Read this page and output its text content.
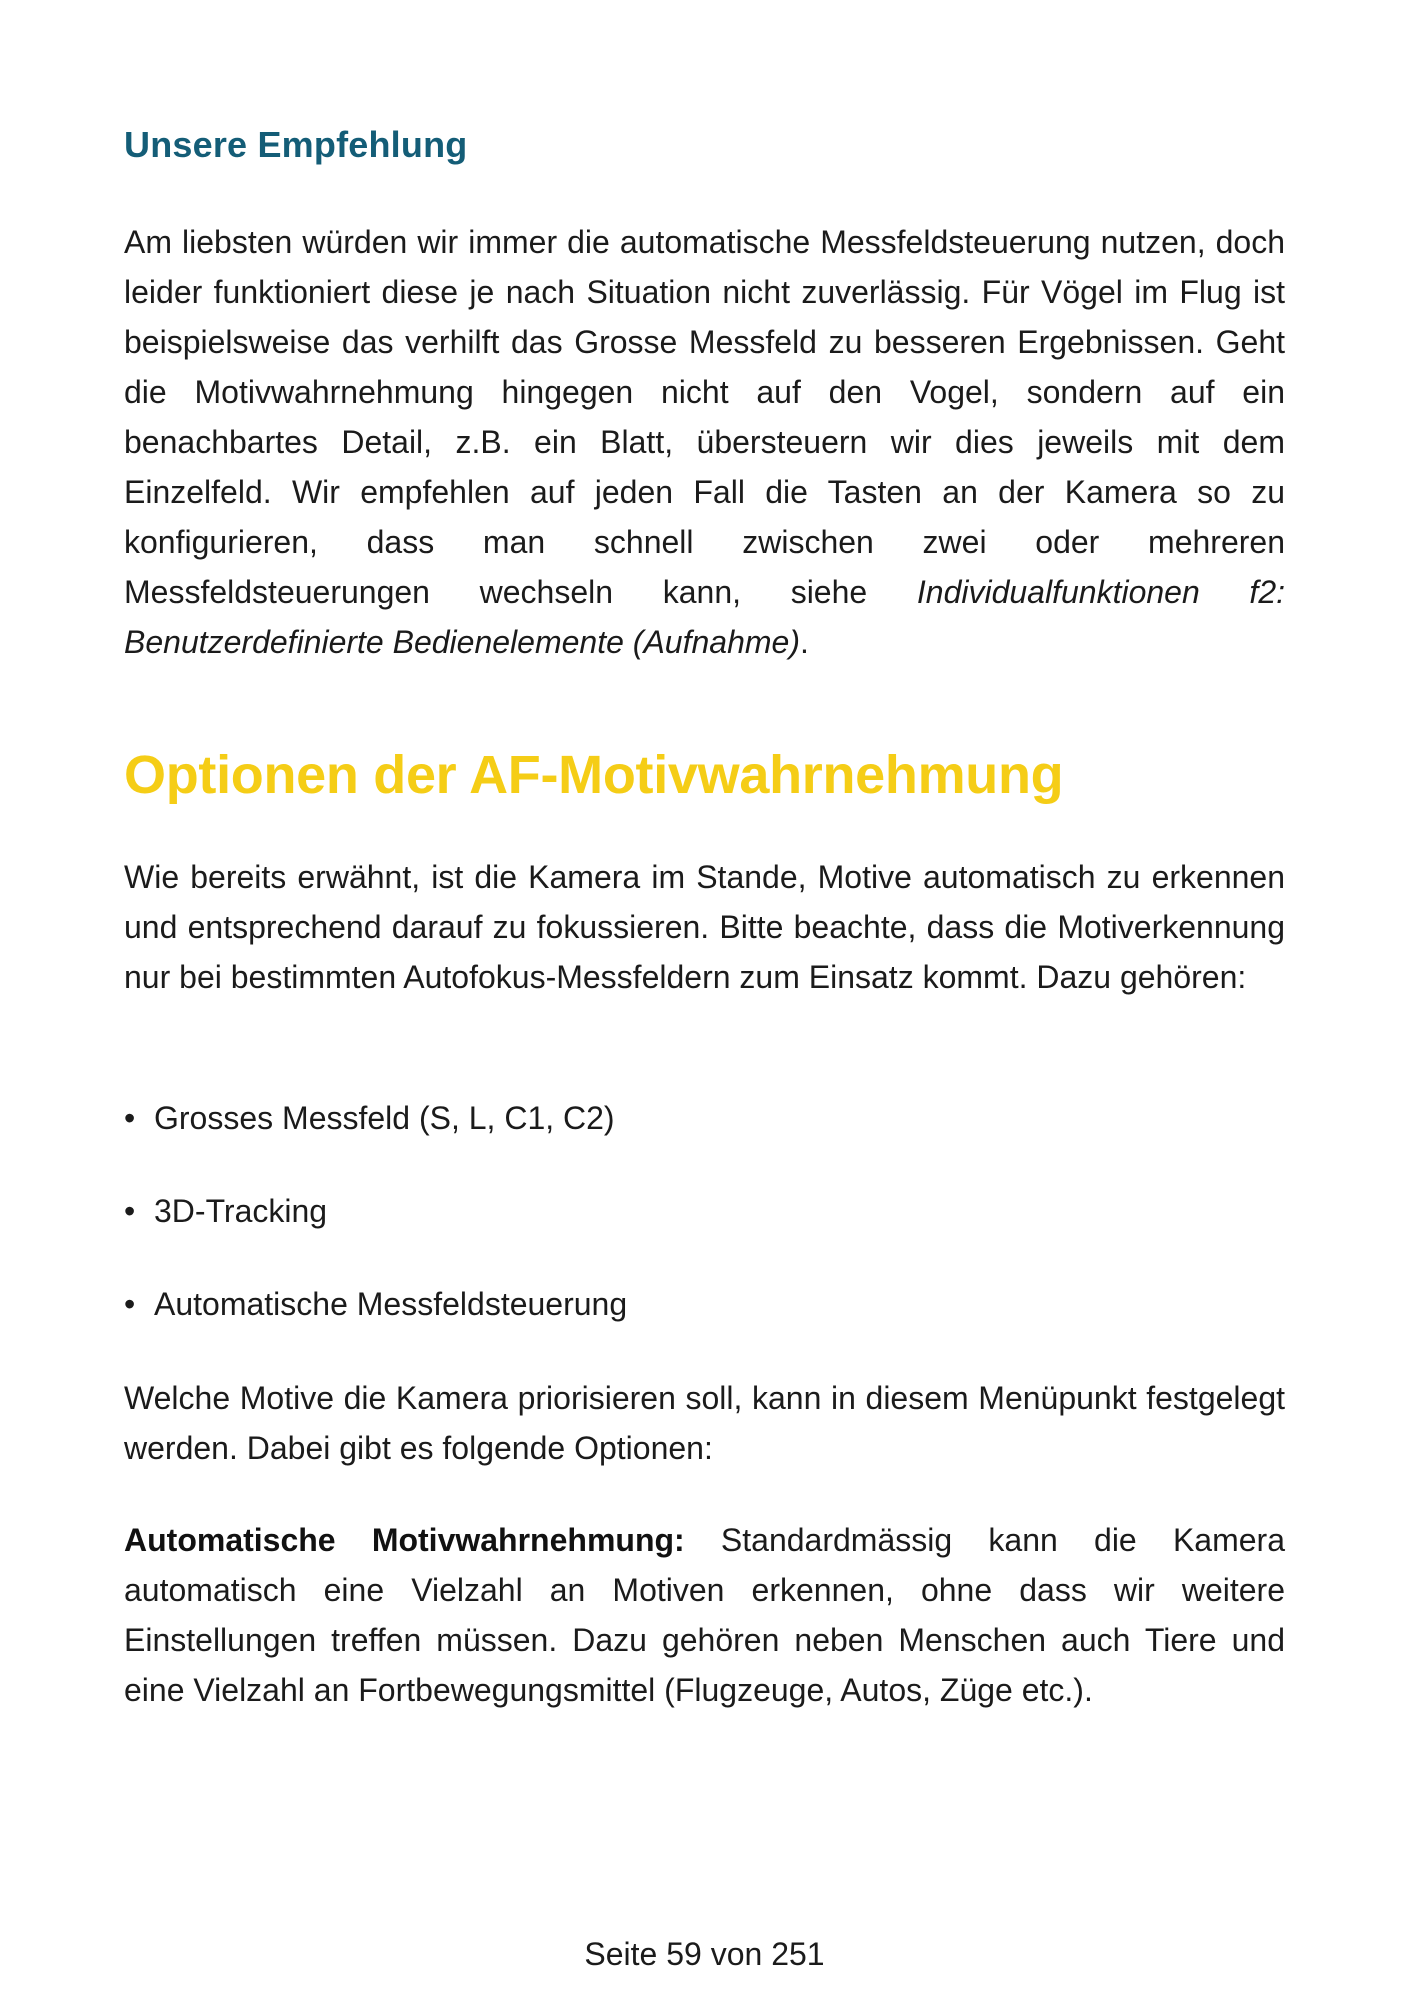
Unsere Empfehlung

Am liebsten würden wir immer die automatische Messfeldsteuerung nutzen, doch leider funktioniert diese je nach Situation nicht zuverlässig. Für Vögel im Flug ist beispielsweise das verhilft das Grosse Messfeld zu besseren Ergebnissen. Geht die Motivwahrnehmung hingegen nicht auf den Vogel, sondern auf ein benachbartes Detail, z.B. ein Blatt, übersteuern wir dies jeweils mit dem Einzelfeld. Wir empfehlen auf jeden Fall die Tasten an der Kamera so zu konfigurieren, dass man schnell zwischen zwei oder mehreren Messfeldsteuerungen wechseln kann, siehe Individualfunktionen f2: Benutzerdefinierte Bedienelemente (Aufnahme).

Optionen der AF-Motivwahrnehmung

Wie bereits erwähnt, ist die Kamera im Stande, Motive automatisch zu erkennen und entsprechend darauf zu fokussieren. Bitte beachte, dass die Motiverkennung nur bei bestimmten Autofokus-Messfeldern zum Einsatz kommt. Dazu gehören:

• Grosses Messfeld (S, L, C1, C2)
• 3D-Tracking
• Automatische Messfeldsteuerung

Welche Motive die Kamera priorisieren soll, kann in diesem Menüpunkt festgelegt werden. Dabei gibt es folgende Optionen:

Automatische Motivwahrnehmung: Standardmässig kann die Kamera automatisch eine Vielzahl an Motiven erkennen, ohne dass wir weitere Einstellungen treffen müssen. Dazu gehören neben Menschen auch Tiere und eine Vielzahl an Fortbewegungsmittel (Flugzeuge, Autos, Züge etc.).

Seite 59 von 251
